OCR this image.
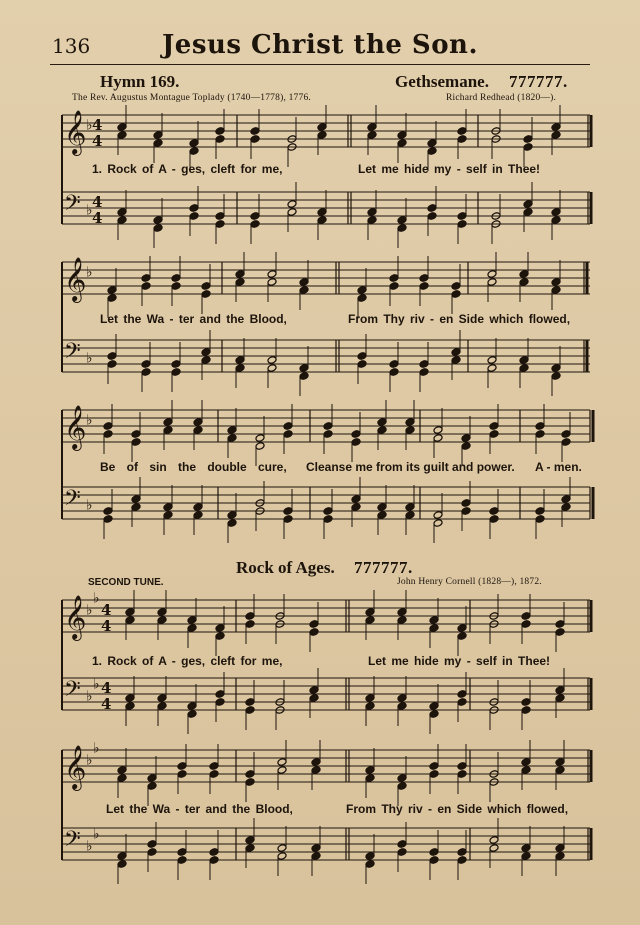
136	Jesus Christ the Son.
Hymn 169.	Gethsemane. 777777.
The Rev. Augustus Montague Toplady (1740—1778), 1776.	Richard Redhead (1820—).
𝄞 ♭
𝄢 ♭
4
4
4
4
𝄞 ♭
𝄢 ♭
𝄞 ♭
𝄢 ♭
𝄞 ♭
♭
𝄢 ♭
♭
4
4
4
4
𝄞 ♭
♭
𝄢 ♭
♭
1. Rock of A - ges, cleft for me,	Let me hide my - self in Thee!
Let the Wa - ter and the Blood,	From Thy riv - en Side which flowed,
Be of sin the double cure, Cleanse me from its guilt and power. A - men.
Rock of Ages. 777777.
SECOND TUNE.	John Henry Cornell (1828—), 1872.
1. Rock of A - ges, cleft for me,	Let me hide my - self in Thee!
Let the Wa - ter and the Blood,	From Thy riv - en Side which flowed,
